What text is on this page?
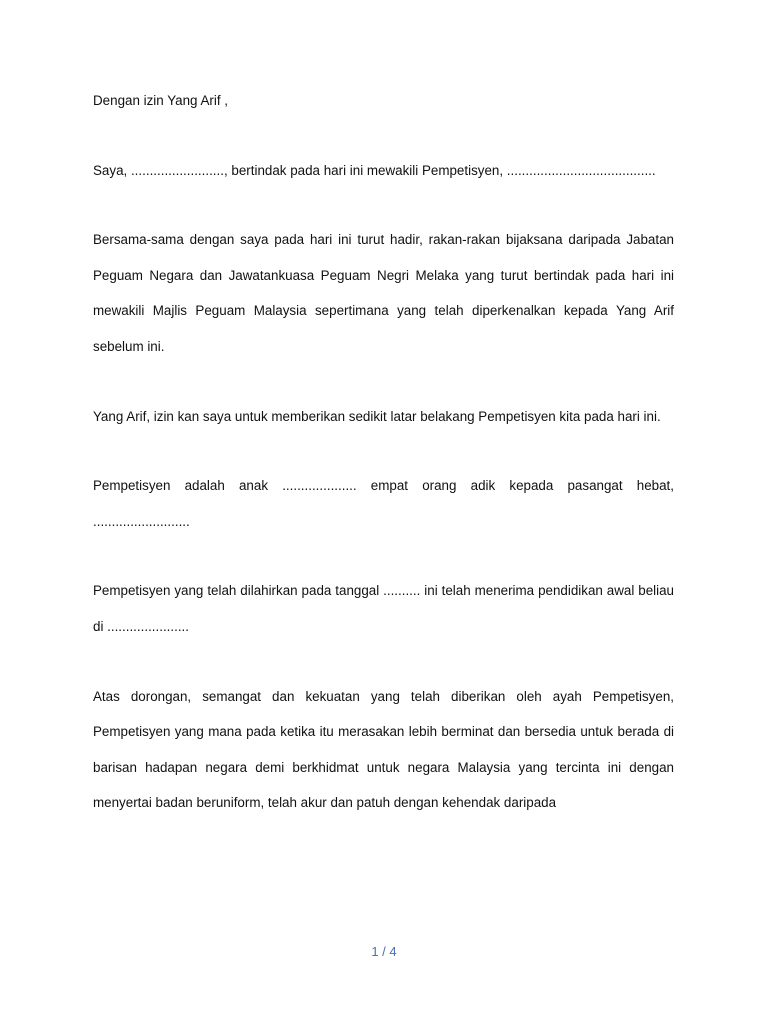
Dengan izin Yang Arif ,

Saya, ........................., bertindak pada hari ini mewakili Pempetisyen, ........................................

Bersama-sama dengan saya pada hari ini turut hadir, rakan-rakan bijaksana daripada Jabatan Peguam Negara dan Jawatankuasa Peguam Negri Melaka yang turut bertindak pada hari ini mewakili Majlis Peguam Malaysia sepertimana yang telah diperkenalkan kepada Yang Arif sebelum ini.

Yang Arif, izin kan saya untuk memberikan sedikit latar belakang Pempetisyen kita pada hari ini.

Pempetisyen adalah anak .................... empat orang adik kepada pasangat hebat, ..........................

Pempetisyen yang telah dilahirkan pada tanggal .......... ini telah menerima pendidikan awal beliau di ......................

Atas dorongan, semangat dan kekuatan yang telah diberikan oleh ayah Pempetisyen, Pempetisyen yang mana pada ketika itu merasakan lebih berminat dan bersedia untuk berada di barisan hadapan negara demi berkhidmat untuk negara Malaysia yang tercinta ini dengan menyertai badan beruniform, telah akur dan patuh dengan kehendak daripada

1 / 4
